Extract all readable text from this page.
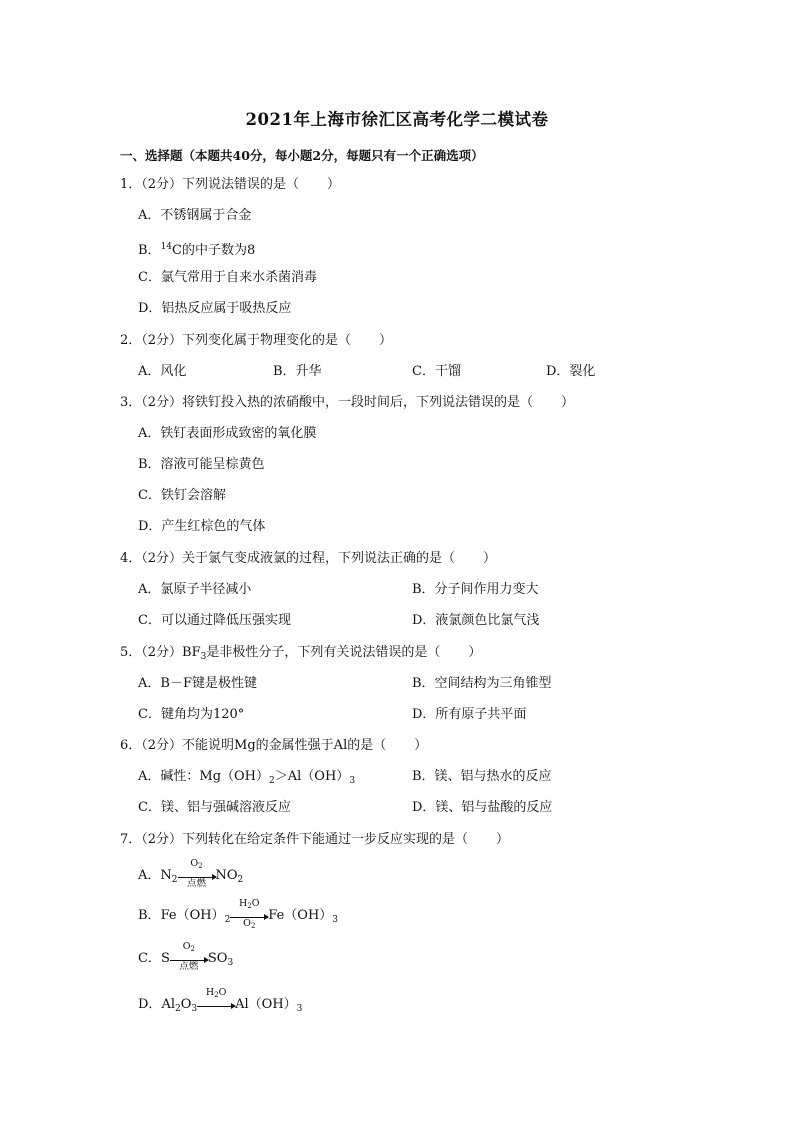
2021年上海市徐汇区高考化学二模试卷
一、选择题（本题共40分，每小题2分，每题只有一个正确选项）
1．（2分）下列说法错误的是（ ）
A．不锈钢属于合金
B．$^{14}$C的中子数为8
C．氯气常用于自来水杀菌消毒
D．铝热反应属于吸热反应
2．（2分）下列变化属于物理变化的是（ ）
A．风化	B．升华	C．干馏	D．裂化
3．（2分）将铁钉投入热的浓硝酸中，一段时间后，下列说法错误的是（ ）
A．铁钉表面形成致密的氧化膜
B．溶液可能呈棕黄色
C．铁钉会溶解
D．产生红棕色的气体
4．（2分）关于氯气变成液氯的过程，下列说法正确的是（ ）
A．氯原子半径减小	B．分子间作用力变大
C．可以通过降低压强实现	D．液氯颜色比氯气浅
5．（2分）$BF_3$是非极性分子，下列有关说法错误的是（ ）
A．B－F键是极性键	B．空间结构为三角锥型
C．键角均为120°	D．所有原子共平面
6．（2分）不能说明Mg的金属性强于Al的是（ ）
A．碱性：$Mg(OH)_2>Al(OH)_3$	B．镁、铝与热水的反应
C．镁、铝与强碱溶液反应	D．镁、铝与盐酸的反应
7．（2分）下列转化在给定条件下能通过一步反应实现的是（ ）
A．$N_2$
$O_2$
点燃
$NO_2$
B．$Fe(OH)_2 \frac{H_2O}{O_2} Fe(OH)_3$
C．S
$O_2$
点燃
$SO_3$
D．$Al_2O_3$
$H_2O$
$Al(OH)_3$
